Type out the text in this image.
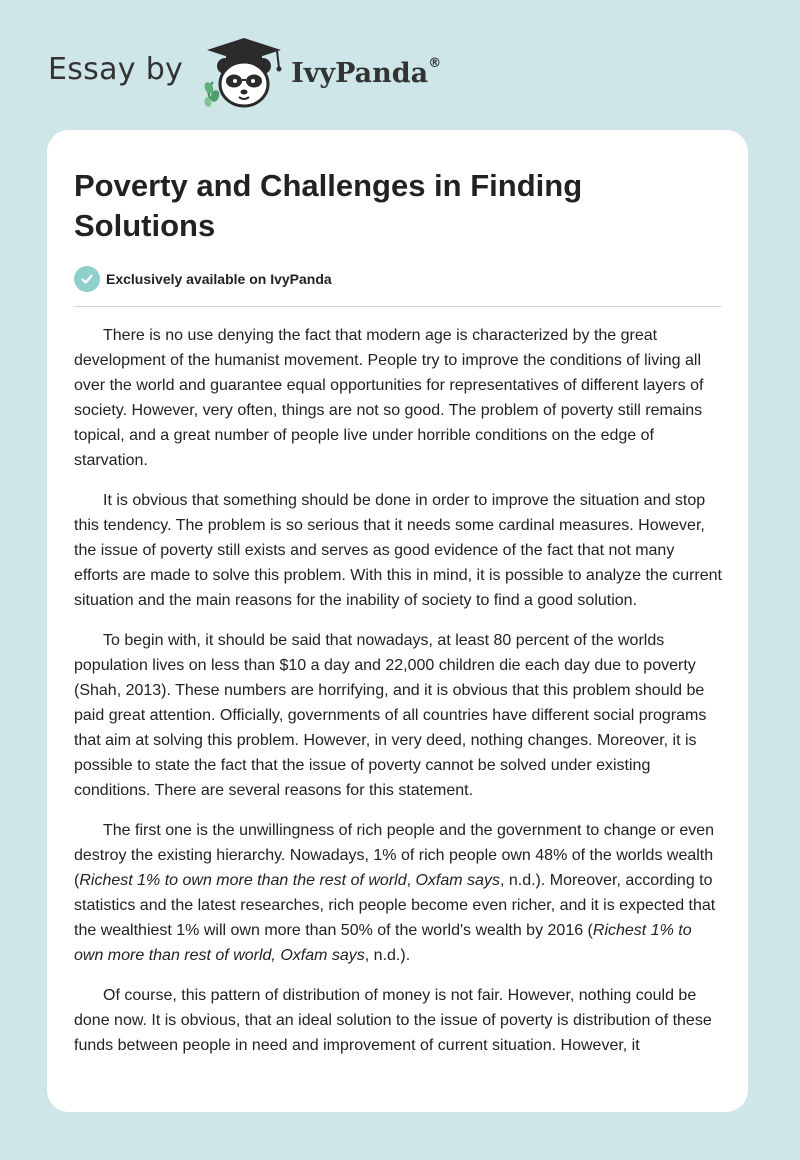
Essay by	IvyPanda®
Poverty and Challenges in Finding Solutions
Exclusively available on IvyPanda

There is no use denying the fact that modern age is characterized by the great development of the humanist movement. People try to improve the conditions of living all over the world and guarantee equal opportunities for representatives of different layers of society. However, very often, things are not so good. The problem of poverty still remains topical, and a great number of people live under horrible conditions on the edge of starvation.

It is obvious that something should be done in order to improve the situation and stop this tendency. The problem is so serious that it needs some cardinal measures. However, the issue of poverty still exists and serves as good evidence of the fact that not many efforts are made to solve this problem. With this in mind, it is possible to analyze the current situation and the main reasons for the inability of society to find a good solution.

To begin with, it should be said that nowadays, at least 80 percent of the worlds population lives on less than $10 a day and 22,000 children die each day due to poverty (Shah, 2013). These numbers are horrifying, and it is obvious that this problem should be paid great attention. Officially, governments of all countries have different social programs that aim at solving this problem. However, in very deed, nothing changes. Moreover, it is possible to state the fact that the issue of poverty cannot be solved under existing conditions. There are several reasons for this statement.

The first one is the unwillingness of rich people and the government to change or even destroy the existing hierarchy. Nowadays, 1% of rich people own 48% of the worlds wealth (Richest 1% to own more than the rest of world, Oxfam says, n.d.). Moreover, according to statistics and the latest researches, rich people become even richer, and it is expected that the wealthiest 1% will own more than 50% of the world's wealth by 2016 (Richest 1% to own more than rest of world, Oxfam says, n.d.).

Of course, this pattern of distribution of money is not fair. However, nothing could be done now. It is obvious, that an ideal solution to the issue of poverty is distribution of these funds between people in need and improvement of current situation. However, it
